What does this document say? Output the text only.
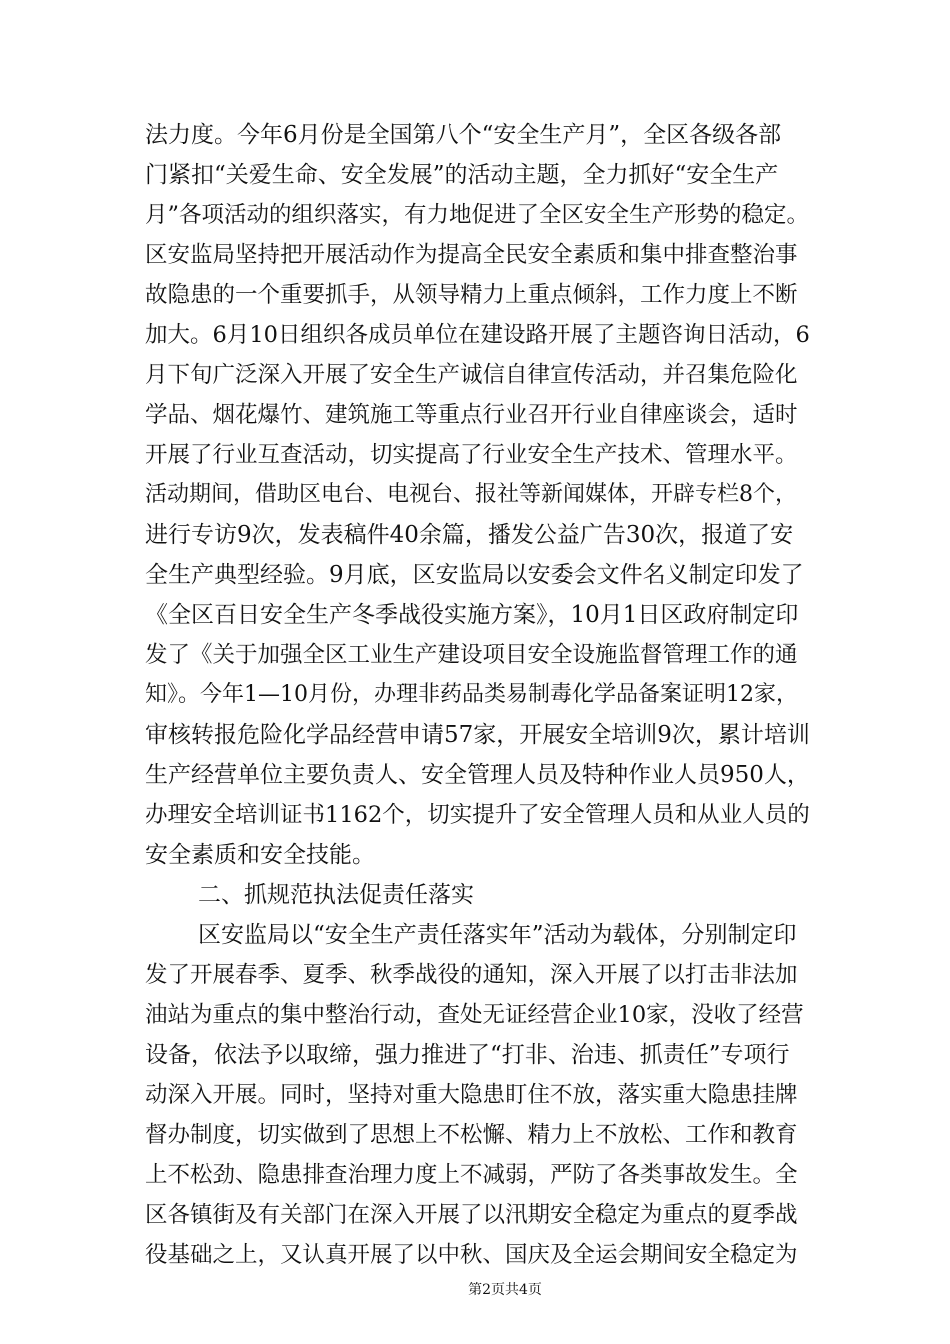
法力度。今年6月份是全国第八个“安全生产月”，全区各级各部
门紧扣“关爱生命、安全发展”的活动主题，全力抓好“安全生产
月”各项活动的组织落实，有力地促进了全区安全生产形势的稳定。
区安监局坚持把开展活动作为提高全民安全素质和集中排查整治事
故隐患的一个重要抓手，从领导精力上重点倾斜，工作力度上不断
加大。6月10日组织各成员单位在建设路开展了主题咨询日活动，6
月下旬广泛深入开展了安全生产诚信自律宣传活动，并召集危险化
学品、烟花爆竹、建筑施工等重点行业召开行业自律座谈会，适时
开展了行业互查活动，切实提高了行业安全生产技术、管理水平。
活动期间，借助区电台、电视台、报社等新闻媒体，开辟专栏8个，
进行专访9次，发表稿件40余篇，播发公益广告30次，报道了安
全生产典型经验。9月底，区安监局以安委会文件名义制定印发了
《全区百日安全生产冬季战役实施方案》，10月1日区政府制定印
发了《关于加强全区工业生产建设项目安全设施监督管理工作的通
知》。今年1—10月份，办理非药品类易制毒化学品备案证明12家，
审核转报危险化学品经营申请57家，开展安全培训9次，累计培训
生产经营单位主要负责人、安全管理人员及特种作业人员950人，
办理安全培训证书1162个，切实提升了安全管理人员和从业人员的
安全素质和安全技能。
二、抓规范执法促责任落实
区安监局以“安全生产责任落实年”活动为载体，分别制定印
发了开展春季、夏季、秋季战役的通知，深入开展了以打击非法加
油站为重点的集中整治行动，查处无证经营企业10家，没收了经营
设备，依法予以取缔，强力推进了“打非、治违、抓责任”专项行
动深入开展。同时，坚持对重大隐患盯住不放，落实重大隐患挂牌
督办制度，切实做到了思想上不松懈、精力上不放松、工作和教育
上不松劲、隐患排查治理力度上不减弱，严防了各类事故发生。全
区各镇街及有关部门在深入开展了以汛期安全稳定为重点的夏季战
役基础之上，又认真开展了以中秋、国庆及全运会期间安全稳定为
第2页共4页
